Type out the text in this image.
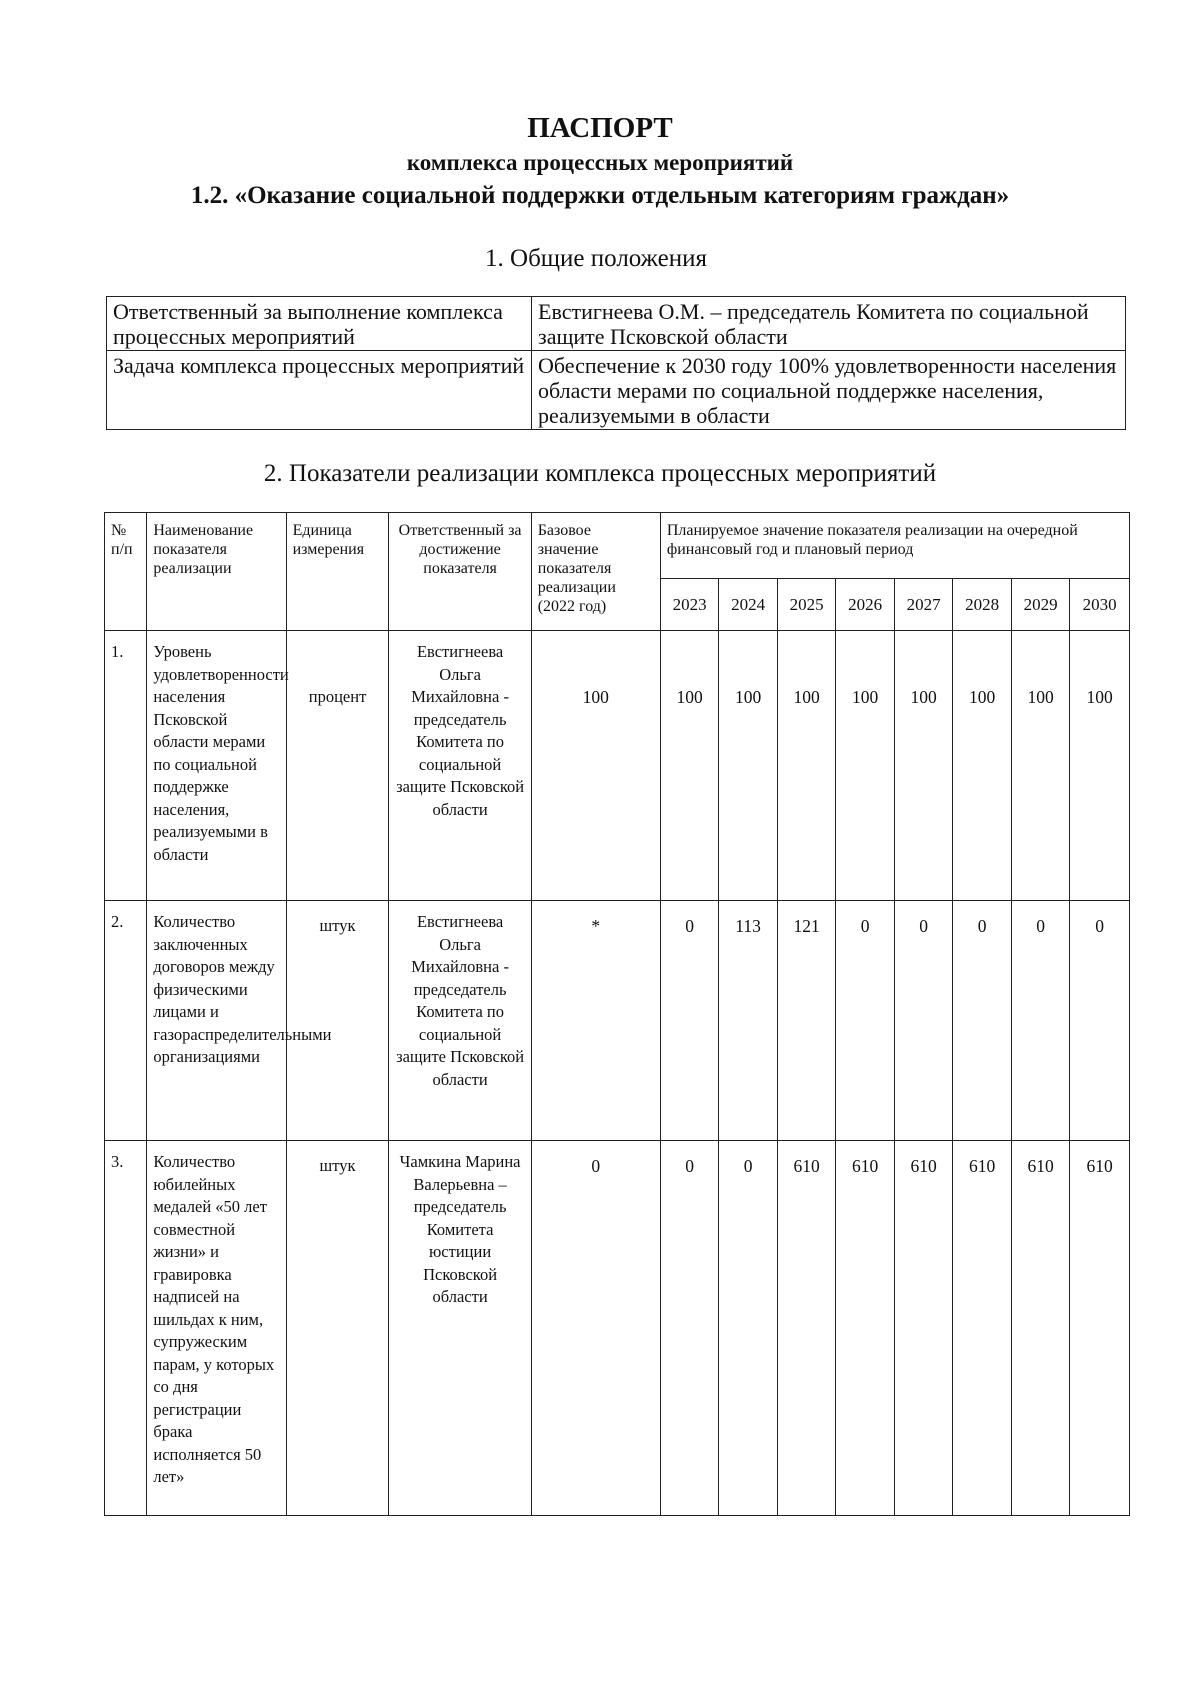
ПАСПОРТ
комплекса процессных мероприятий
1.2. «Оказание социальной поддержки отдельным категориям граждан»
1. Общие положения
Ответственный за выполнение комплекса процессных мероприятий	Евстигнеева О.М. – председатель Комитета по социальной защите Псковской области
Задача комплекса процессных мероприятий	Обеспечение к 2030 году 100% удовлетворенности населения области мерами по социальной поддержке населения, реализуемыми в области
2. Показатели реализации комплекса процессных мероприятий
№ п/п	Наименование показателя реализации	Единица измерения	Ответственный за достижение показателя	Базовое значение показателя реализации (2022 год)	Планируемое значение показателя реализации на очередной финансовый год и плановый период							
					2023	2024	2025	2026	2027	2028	2029	2030
1.	Уровень удовлетворенности населения Псковской области мерами по социальной поддержке населения, реализуемыми в области	процент	Евстигнеева Ольга Михайловна - председатель Комитета по социальной защите Псковской области	100	100	100	100	100	100	100	100	100
2.	Количество заключенных договоров между физическими лицами и газораспределительными организациями	штук	Евстигнеева Ольга Михайловна - председатель Комитета по социальной защите Псковской области	*	0	113	121	0	0	0	0	0
3.	Количество юбилейных медалей «50 лет совместной жизни» и гравировка надписей на шильдах к ним, супружеским парам, у которых со дня регистрации брака исполняется 50 лет»	штук	Чамкина Марина Валерьевна – председатель Комитета юстиции Псковской области	0	0	0	610	610	610	610	610	610
